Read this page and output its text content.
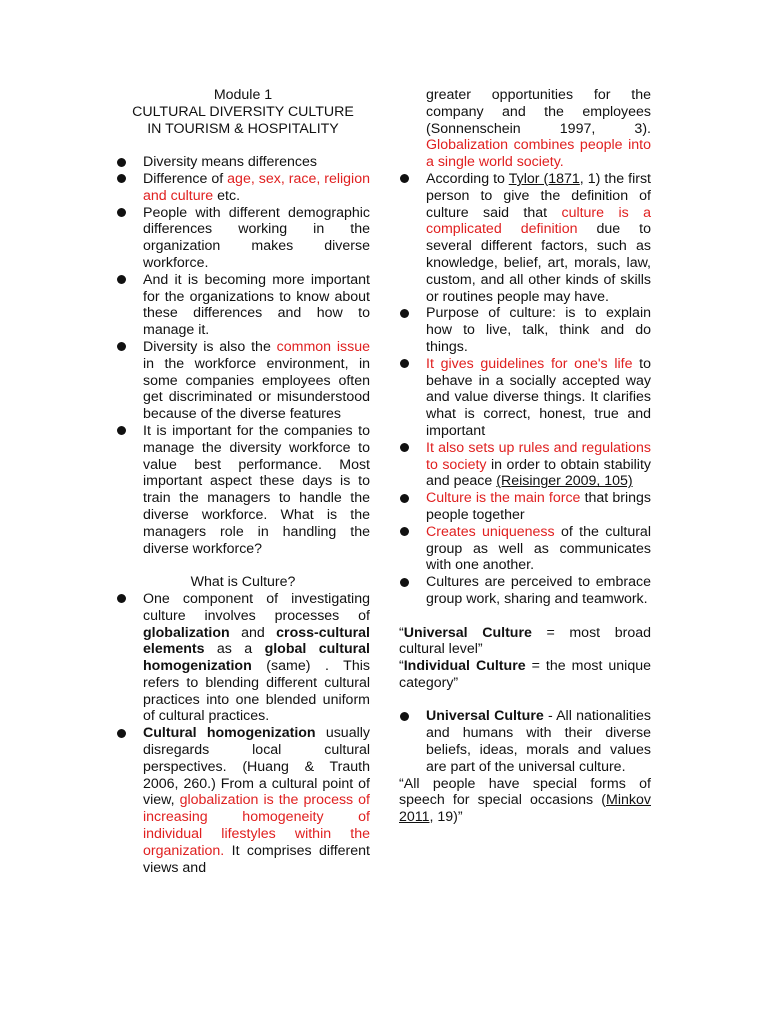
Module 1
CULTURAL DIVERSITY CULTURE
IN TOURISM & HOSPITALITY
Diversity means differences
Difference of age, sex, race, religion and culture etc.
People with different demographic differences working in the organization makes diverse workforce.
And it is becoming more important for the organizations to know about these differences and how to manage it.
Diversity is also the common issue in the workforce environment, in some companies employees often get discriminated or misunderstood because of the diverse features
It is important for the companies to manage the diversity workforce to value best performance. Most important aspect these days is to train the managers to handle the diverse workforce. What is the managers role in handling the diverse workforce?
What is Culture?
One component of investigating culture involves processes of globalization and cross-cultural elements as a global cultural homogenization (same) . This refers to blending different cultural practices into one blended uniform of cultural practices.
Cultural homogenization usually disregards local cultural perspectives. (Huang & Trauth 2006, 260.) From a cultural point of view, globalization is the process of increasing homogeneity of individual lifestyles within the organization. It comprises different views and
greater opportunities for the company and the employees (Sonnenschein 1997, 3). Globalization combines people into a single world society.
According to Tylor (1871, 1) the first person to give the definition of culture said that culture is a complicated definition due to several different factors, such as knowledge, belief, art, morals, law, custom, and all other kinds of skills or routines people may have.
Purpose of culture: is to explain how to live, talk, think and do things.
It gives guidelines for one's life to behave in a socially accepted way and value diverse things. It clarifies what is correct, honest, true and important
It also sets up rules and regulations to society in order to obtain stability and peace (Reisinger 2009, 105)
Culture is the main force that brings people together
Creates uniqueness of the cultural group as well as communicates with one another.
Cultures are perceived to embrace group work, sharing and teamwork.
“Universal Culture = most broad cultural level”
“Individual Culture = the most unique category”
Universal Culture - All nationalities and humans with their diverse beliefs, ideas, morals and values are part of the universal culture.
“All people have special forms of speech for special occasions (Minkov 2011, 19)”
